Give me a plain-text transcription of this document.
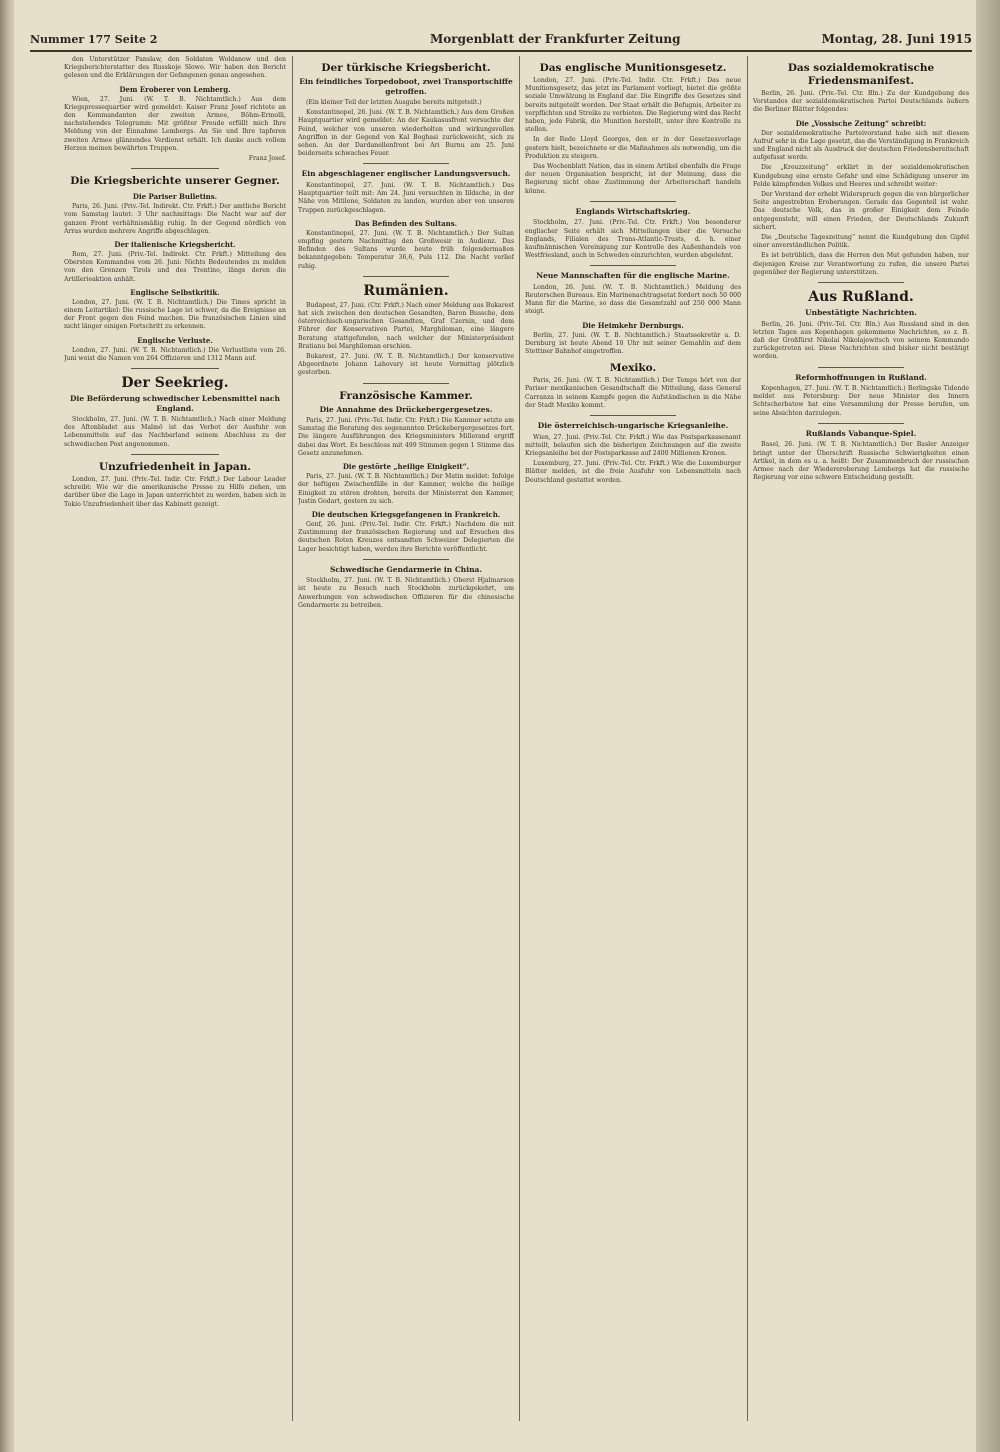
Nummer 177 Seite 2	Morgenblatt der Frankfurter Zeitung	Montag, 28. Juni 1915

den Unterstützer Panslaw, den Soldaten Woldanow und den Kriegsberichterstatter des Russkoje Slowo. Wir haben den Bericht gelesen und die Erklärungen der Gefangenen genau angesehen.

Dem Eroberer von Lemberg.

Wien, 27. Juni. (W. T. B. Nichtamtlich.) Aus dem Kriegspressequartier wird gemeldet: Kaiser Franz Josef richtete an den Kommandanten der zweiten Armee, Böhm-Ermolli, nachstehendes Telegramm: Mit größter Freude erfüllt mich Ihre Meldung von der Einnahme Lembergs. An Sie und Ihre tapferen zweiten Armee glänzendes Verdienst erhält. Ich danke auch vollem Herzen meinen bewährten Truppen.

Franz Josef.
Die Kriegsberichte unserer Gegner.
Die Pariser Bulletins.

Paris, 26. Juni. (Priv.-Tel. Indirekt. Ctr. Frkft.) Der amtliche Bericht vom Samstag lautet: 3 Uhr nachmittags: Die Nacht war auf der ganzen Front verhältnismäßig ruhig. In der Gegend nördlich von Arras wurden mehrere Angriffe abgeschlagen.

Der italienische Kriegsbericht.

Rom, 27. Juni. (Priv.-Tel. Indirekt. Ctr. Frkft.) Mitteilung des Obersten Kommandos vom 26. Juni: Nichts Bedeutendes zu melden von den Grenzen Tirols und des Trentino, längs deren die Artillerieaktion anhält.

Englische Selbstkritik.

London, 27. Juni. (W. T. B. Nichtamtlich.) Die Times spricht in einem Leitartikel: Die russische Lage ist schwer, da die Ereignisse an der Front gegen den Feind machen. Die französischen Linien sind nicht länger einigen Fortschritt zu erkennen.

Englische Verluste.

London, 27. Juni. (W. T. B. Nichtamtlich.) Die Verlustliste vom 26. Juni weist die Namen von 264 Offizieren und 1312 Mann auf.

Der Seekrieg.
Die Beförderung schwedischer Lebensmittel nach England.

Stockholm, 27. Juni. (W. T. B. Nichtamtlich.) Nach einer Meldung des Aftonbladet aus Malmö ist das Verbot der Ausfuhr von Lebensmitteln auf das Nachbarland seinem Abschluss zu der schwedischen Post angenommen.

Unzufriedenheit in Japan.

London, 27. Juni. (Priv.-Tel. Indir. Ctr. Frkft.) Der Labour Leader schreibt: Wie wir die amerikanische Presse zu Hilfe ziehen, um darüber über die Lage in Japan unterrichtet zu werden, haben sich in Tokio Unzufriedenheit über das Kabinett gezeigt.

Der türkische Kriegsbericht.
Ein feindliches Torpedoboot, zwei Transportschiffe getroffen.

(Ein kleiner Teil der letzten Ausgabe bereits mitgeteilt.)

Konstantinopel, 26. Juni. (W. T. B. Nichtamtlich.) Aus dem Großen Hauptquartier wird gemeldet: An der Kaukasusfront versuchte der Feind, welcher von unseren wiederholten und wirkungsvollen Angriffen in der Gegend von Kal Boghasi zurückweicht, sich zu sehen. An der Dardanellenfront bei Ari Burnu am 25. Juni beiderseits schwaches Feuer.

Ein abgeschlagener englischer Landungsversuch.

Konstantinopel, 27. Juni. (W. T. B. Nichtamtlich.) Das Hauptquartier teilt mit: Am 24. Juni versuchten in Iildsche, in der Nähe von Mitilene, Soldaten zu landen, wurden aber von unseren Truppen zurückgeschlagen.

Das Befinden des Sultans.

Konstantinopel, 27. Juni. (W. T. B. Nichtamtlich.) Der Sultan empfing gestern Nachmittag den Großwesir in Audienz. Das Befinden des Sultans wurde heute früh folgendermaßen bekanntgegeben: Temperatur 36,6, Puls 112. Die Nacht verlief ruhig.

Rumänien.

Budapest, 27. Juni. (Ctr. Frkft.) Nach einer Meldung aus Bukarest hat sich zwischen den deutschen Gesandten, Baron Bussche, dem österreichisch-ungarischen Gesandten, Graf Czernin, und dem Führer der Konservativen Partei, Marghiloman, eine längere Beratung stattgefunden, nach welcher der Ministerpräsident Bratianu bei Marghiloman erschien.

Bukarest, 27. Juni. (W. T. B. Nichtamtlich.) Der konservative Abgeordnete Johann Lahovary ist heute Vormittag plötzlich gestorben.

Französische Kammer.
Die Annahme des Drückebergergesetzes.

Paris, 27. Juni. (Priv.-Tel. Indir. Ctr. Frkft.) Die Kammer setzte am Samstag die Beratung des sogenannten Drückebergergesetzes fort. Die längere Ausführungen des Kriegsministers Millerand ergriff dabei das Wort. Es beschloss mit 499 Stimmen gegen 1 Stimme das Gesetz anzunehmen.

Die gestörte „heilige Einigkeit“.

Paris, 27. Juni. (W. T. B. Nichtamtlich.) Der Matin meldet: Infolge der heftigen Zwischenfälle in der Kammer, welche die heilige Einigkeit zu stören drohten, bereits der Ministerrat den Kammer, Justin Godart, gestern zu sich.

Die deutschen Kriegsgefangenen in Frankreich.

Genf, 26. Juni. (Priv.-Tel. Indir. Ctr. Frkft.) Nachdem die mit Zustimmung der französischen Regierung und auf Ersuchen des deutschen Roten Kreuzes entsandten Schweizer Delegierten die Lager besichtigt haben, werden ihre Berichte veröffentlicht.

Schwedische Gendarmerie in China.

Stockholm, 27. Juni. (W. T. B. Nichtamtlich.) Oberst Hjalmarson ist heute zu Besuch nach Stockholm zurückgekehrt, um Anwerbungen von schwedischen Offizieren für die chinesische Gendarmerie zu betreiben.

Das englische Munitionsgesetz.

London, 27. Juni. (Priv.-Tel. Indir. Ctr. Frkft.) Das neue Munitionsgesetz, das jetzt im Parlament vorliegt, bietet die größte soziale Umwälzung in England dar. Die Eingriffe des Gesetzes sind bereits mitgeteilt worden. Der Staat erhält die Befugnis, Arbeiter zu verpflichten und Streiks zu verbieten. Die Regierung wird das Recht haben, jede Fabrik, die Munition herstellt, unter ihre Kontrolle zu stellen.

In der Rede Lloyd Georges, den er in der Gesetzesvorlage gestern hielt, bezeichnete er die Maßnahmen als notwendig, um die Produktion zu steigern.

Das Wochenblatt Nation, das in einem Artikel ebenfalls die Frage der neuen Organisation bespricht, ist der Meinung, dass die Regierung nicht ohne Zustimmung der Arbeiterschaft handeln könne.

Englands Wirtschaftskrieg.

Stockholm, 27. Juni. (Priv.-Tel. Ctr. Frkft.) Von besonderer englischer Seite erhält sich Mitteilungen über die Versuche Englands, Filialen des Trans-Atlantic-Trusts, d. h. einer kaufmännischen Vereinigung zur Kontrolle des Außenhandels von Westfriesland, auch in Schweden einzurichten, wurden abgelehnt.

Neue Mannschaften für die englische Marine.

London, 26. Juni. (W. T. B. Nichtamtlich.) Meldung des Reuterschen Bureaus. Ein Marinenachtragsetat fordert noch 50 000 Mann für die Marine, so dass die Gesamtzahl auf 250 000 Mann steigt.

Die Heimkehr Dernburgs.

Berlin, 27. Juni. (W. T. B. Nichtamtlich.) Staatssekretär a. D. Dernburg ist heute Abend 10 Uhr mit seiner Gemahlin auf dem Stettiner Bahnhof eingetroffen.

Mexiko.

Paris, 26. Juni. (W. T. B. Nichtamtlich.) Der Temps hört von der Pariser mexikanischen Gesandtschaft die Mitteilung, dass General Carranza in seinem Kampfe gegen die Aufständischen in die Nähe der Stadt Mexiko kommt.

Die österreichisch-ungarische Kriegsanleihe.

Wien, 27. Juni. (Priv.-Tel. Ctr. Frkft.) Wie das Postsparkassenamt mitteilt, belaufen sich die bisherigen Zeichnungen auf die zweite Kriegsanleihe bei der Postsparkasse auf 2400 Millionen Kronen.

Luxemburg, 27. Juni. (Priv.-Tel. Ctr. Frkft.) Wie die Luxemburger Blätter melden, ist die freie Ausfuhr von Lebensmitteln nach Deutschland gestattet worden.

Das sozialdemokratische Friedensmanifest.

Berlin, 26. Juni. (Priv.-Tel. Ctr. Bln.) Zu der Kundgebung des Vorstandes der sozialdemokratischen Partei Deutschlands äußern die Berliner Blätter folgendes:

Die „Vossische Zeitung“ schreibt:

Der sozialdemokratische Parteivorstand habe sich mit diesem Aufruf sehr in die Lage gesetzt, das die Verständigung in Frankreich und England nicht als Ausdruck der deutschen Friedensbereitschaft aufgefasst werde.

Die „Kreuzzeitung“ erklärt in der sozialdemokratischen Kundgebung eine ernste Gefahr und eine Schädigung unserer im Felde kämpfenden Volkes und Heeres und schreibt weiter:

Der Vorstand der erhebt Widerspruch gegen die von bürgerlicher Seite angestrebten Eroberungen. Gerade das Gegenteil ist wahr. Das deutsche Volk, das in großer Einigkeit dem Feinde entgegensteht, will einen Frieden, der Deutschlands Zukunft sichert.

Die „Deutsche Tageszeitung“ nennt die Kundgebung den Gipfel einer unverständlichen Politik.

Es ist betrüblich, dass die Herren den Mut gefunden haben, nur diejenigen Kreise zur Verantwortung zu rufen, die unsere Partei gegenüber der Regierung unterstützen.

Aus Rußland.
Unbestätigte Nachrichten.

Berlin, 26. Juni. (Priv.-Tel. Ctr. Bln.) Aus Russland sind in den letzten Tagen aus Kopenhagen gekommene Nachrichten, so z. B. daß der Großfürst Nikolai Nikolajewitsch von seinem Kommando zurückgetreten sei. Diese Nachrichten sind bisher nicht bestätigt worden.

Reformhoffnungen in Rußland.

Kopenhagen, 27. Juni. (W. T. B. Nichtamtlich.) Berlingske Tidende meldet aus Petersburg: Der neue Minister des Innern Schtscherbatow hat eine Versammlung der Presse berufen, um seine Absichten darzulegen.

Rußlands Vabanque-Spiel.

Basel, 26. Juni. (W. T. B. Nichtamtlich.) Der Basler Anzeiger bringt unter der Überschrift Russische Schwierigkeiten einen Artikel, in dem es u. a. heißt: Der Zusammenbruch der russischen Armee nach der Wiedereroberung Lembergs hat die russische Regierung vor eine schwere Entscheidung gestellt.
